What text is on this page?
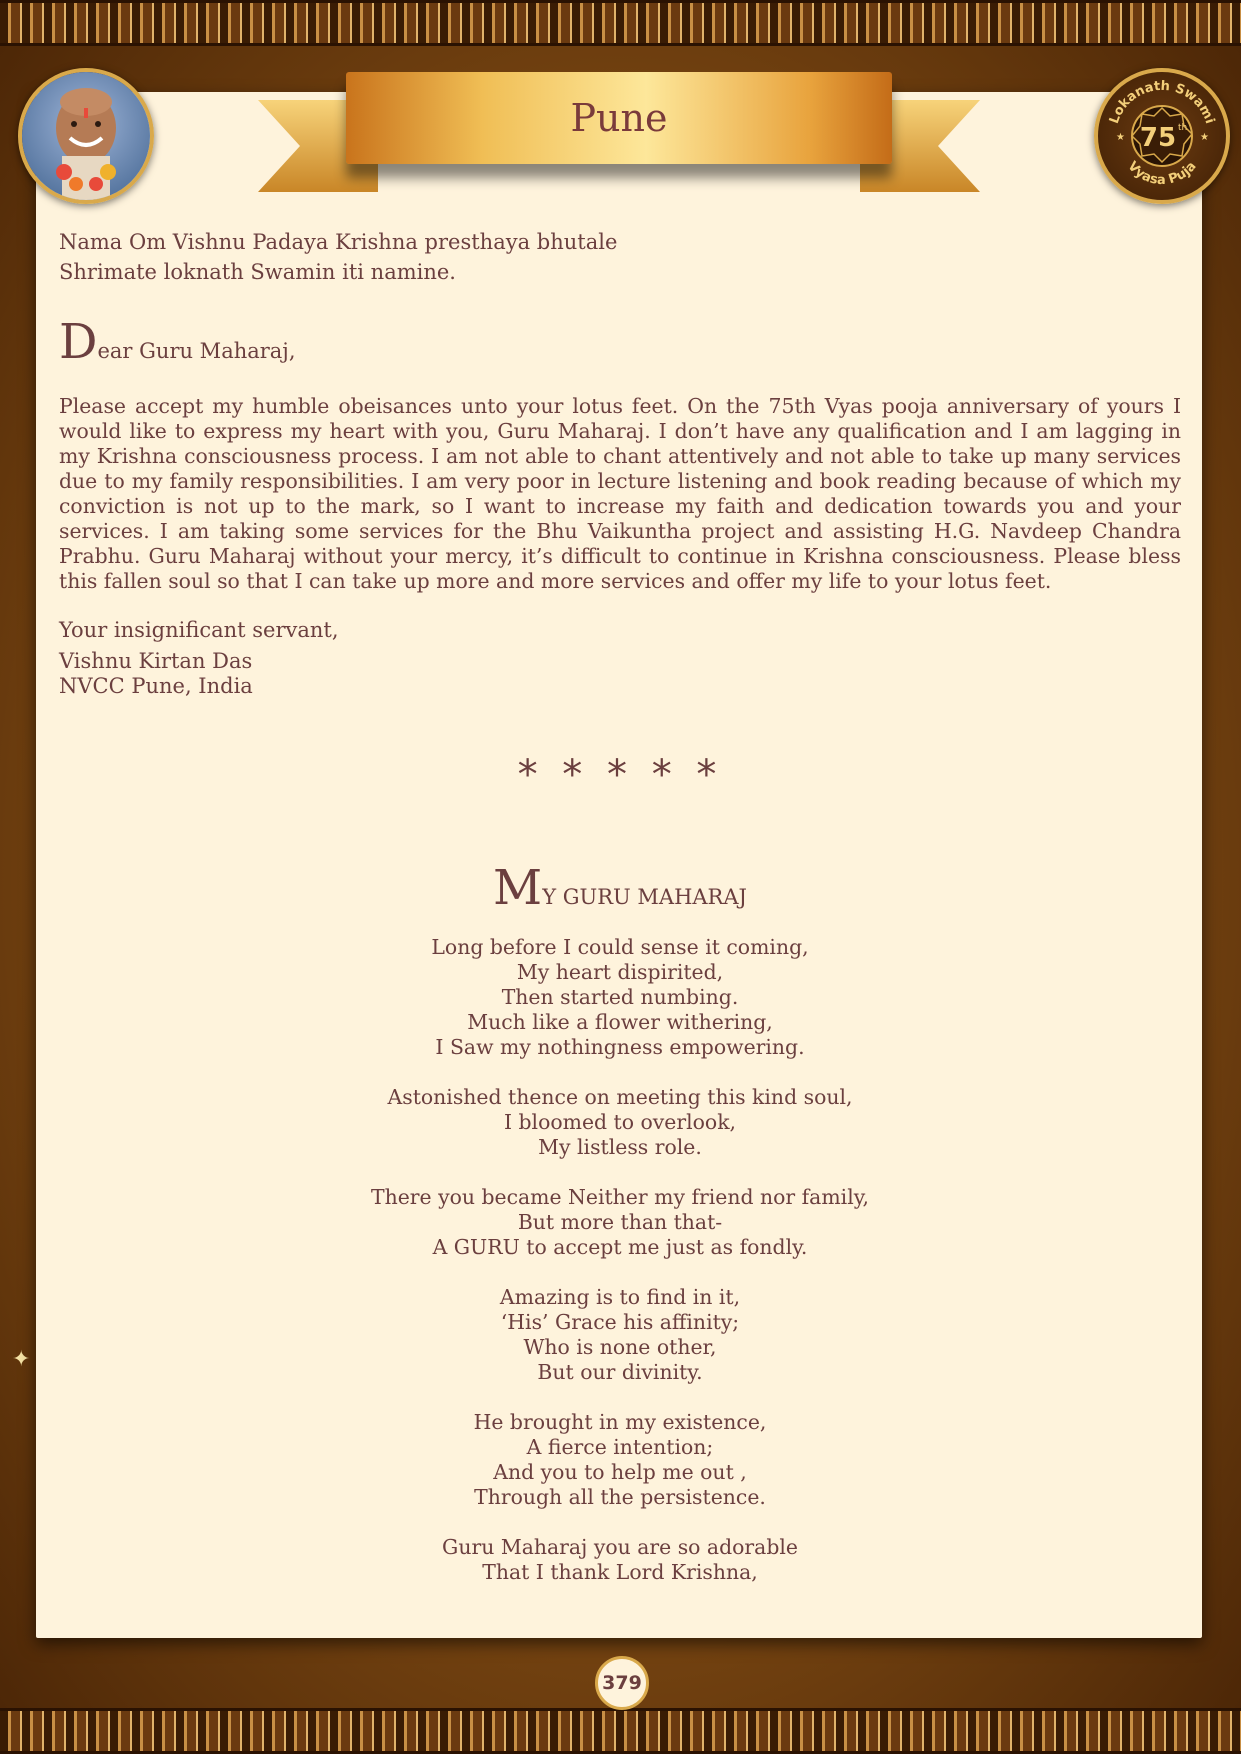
✦
Nama Om Vishnu Padaya Krishna presthaya bhutale
Shrimate loknath Swamin iti namine.
Dear Guru Maharaj,

Please accept my humble obeisances unto your lotus feet. On the 75th Vyas pooja anniversary of yours I would like to express my heart with you, Guru Maharaj. I don’t have any qualification and I am lagging in my Krishna consciousness process. I am not able to chant attentively and not able to take up many services due to my family responsibilities. I am very poor in lecture listening and book reading because of which my conviction is not up to the mark, so I want to increase my faith and dedication towards you and your services. I am taking some services for the Bhu Vaikuntha project and assisting H.G. Navdeep Chandra Prabhu. Guru Maharaj without your mercy, it’s difficult to continue in Krishna consciousness. Please bless this fallen soul so that I can take up more and more services and offer my life to your lotus feet.

Your insignificant servant,
Vishnu Kirtan Das
NVCC Pune, India
* * * * *
MY GURU MAHARAJ
Long before I could sense it coming,
My heart dispirited,
Then started numbing.
Much like a flower withering,
I Saw my nothingness empowering.
Astonished thence on meeting this kind soul,
I bloomed to overlook,
My listless role.
There you became Neither my friend nor family,
But more than that-
A GURU to accept me just as fondly.
Amazing is to find in it,
‘His’ Grace his affinity;
Who is none other,
But our divinity.
He brought in my existence,
A fierce intention;
And you to help me out ,
Through all the persistence.
Guru Maharaj you are so adorable
That I thank Lord Krishna,
Pune	75 th
Lokanath Swami
Vyasa Puja
★	★
379
